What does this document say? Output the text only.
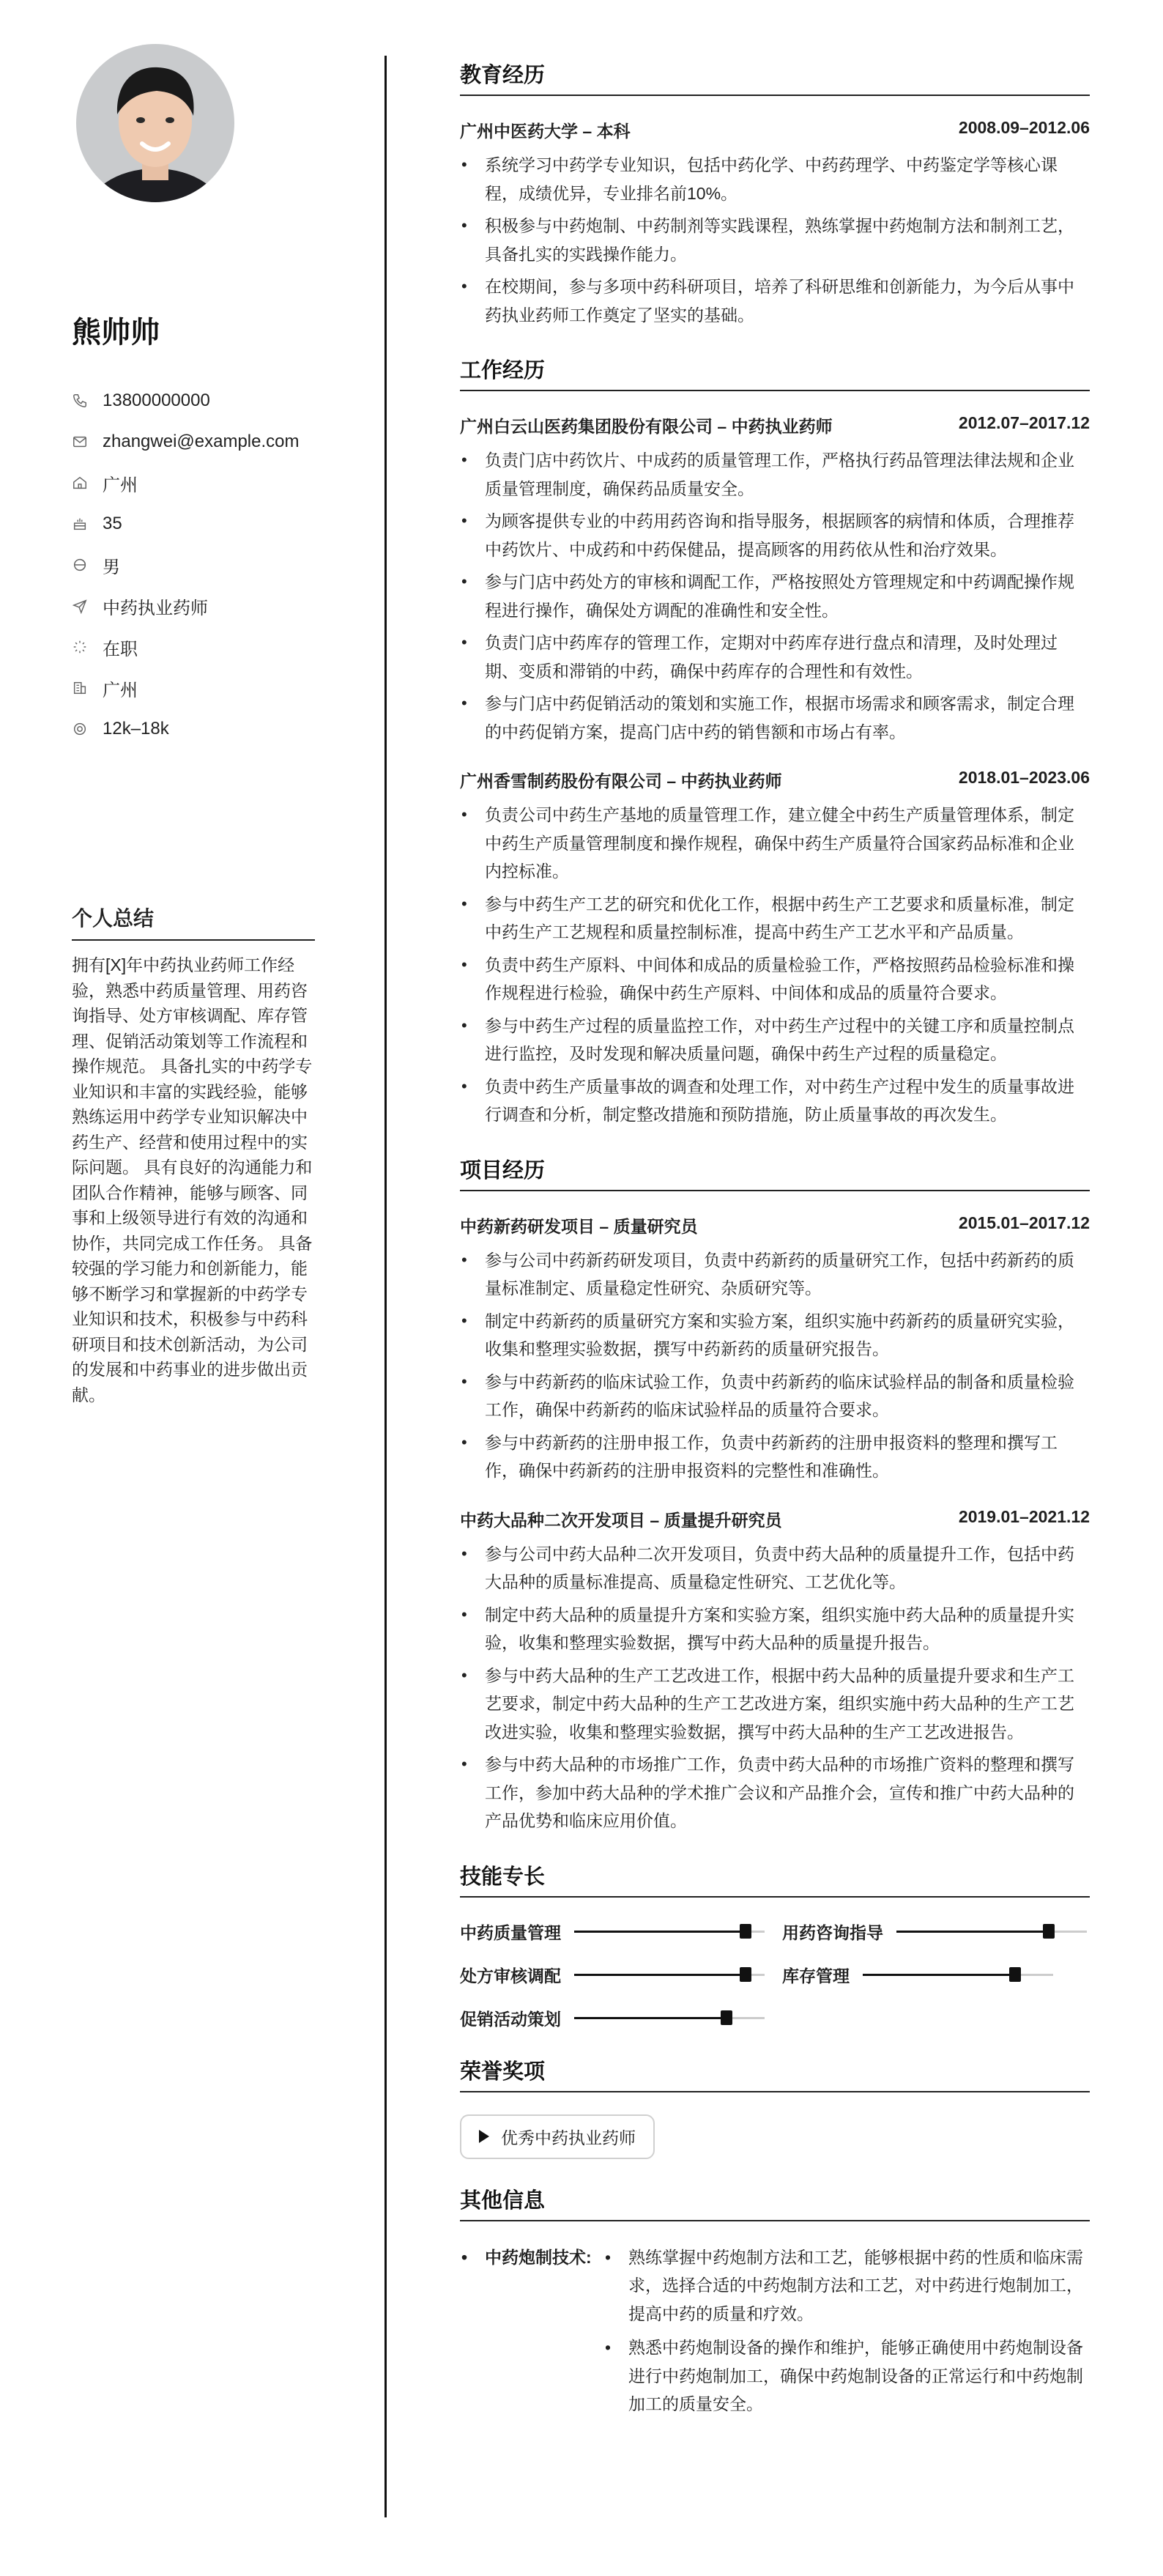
熊帅帅
13800000000
zhangwei@example.com
广州
35
男
中药执业药师
在职
广州
12k–18k
个人总结
拥有[X]年中药执业药师工作经验，熟悉中药质量管理、用药咨询指导、处方审核调配、库存管理、促销活动策划等工作流程和操作规范。 具备扎实的中药学专业知识和丰富的实践经验，能够熟练运用中药学专业知识解决中药生产、经营和使用过程中的实际问题。 具有良好的沟通能力和团队合作精神，能够与顾客、同事和上级领导进行有效的沟通和协作，共同完成工作任务。 具备较强的学习能力和创新能力，能够不断学习和掌握新的中药学专业知识和技术，积极参与中药科研项目和技术创新活动，为公司的发展和中药事业的进步做出贡献。
教育经历
广州中医药大学 – 本科	2008.09–2012.06
• 系统学习中药学专业知识，包括中药化学、中药药理学、中药鉴定学等核心课程，成绩优异，专业排名前10%。
• 积极参与中药炮制、中药制剂等实践课程，熟练掌握中药炮制方法和制剂工艺，具备扎实的实践操作能力。
• 在校期间，参与多项中药科研项目，培养了科研思维和创新能力，为今后从事中药执业药师工作奠定了坚实的基础。
工作经历
广州白云山医药集团股份有限公司 – 中药执业药师	2012.07–2017.12
• 负责门店中药饮片、中成药的质量管理工作，严格执行药品管理法律法规和企业质量管理制度，确保药品质量安全。
• 为顾客提供专业的中药用药咨询和指导服务，根据顾客的病情和体质，合理推荐中药饮片、中成药和中药保健品，提高顾客的用药依从性和治疗效果。
• 参与门店中药处方的审核和调配工作，严格按照处方管理规定和中药调配操作规程进行操作，确保处方调配的准确性和安全性。
• 负责门店中药库存的管理工作，定期对中药库存进行盘点和清理，及时处理过期、变质和滞销的中药，确保中药库存的合理性和有效性。
• 参与门店中药促销活动的策划和实施工作，根据市场需求和顾客需求，制定合理的中药促销方案，提高门店中药的销售额和市场占有率。
广州香雪制药股份有限公司 – 中药执业药师	2018.01–2023.06
• 负责公司中药生产基地的质量管理工作，建立健全中药生产质量管理体系，制定中药生产质量管理制度和操作规程，确保中药生产质量符合国家药品标准和企业内控标准。
• 参与中药生产工艺的研究和优化工作，根据中药生产工艺要求和质量标准，制定中药生产工艺规程和质量控制标准，提高中药生产工艺水平和产品质量。
• 负责中药生产原料、中间体和成品的质量检验工作，严格按照药品检验标准和操作规程进行检验，确保中药生产原料、中间体和成品的质量符合要求。
• 参与中药生产过程的质量监控工作，对中药生产过程中的关键工序和质量控制点进行监控，及时发现和解决质量问题，确保中药生产过程的质量稳定。
• 负责中药生产质量事故的调查和处理工作，对中药生产过程中发生的质量事故进行调查和分析，制定整改措施和预防措施，防止质量事故的再次发生。
项目经历
中药新药研发项目 – 质量研究员	2015.01–2017.12
• 参与公司中药新药研发项目，负责中药新药的质量研究工作，包括中药新药的质量标准制定、质量稳定性研究、杂质研究等。
• 制定中药新药的质量研究方案和实验方案，组织实施中药新药的质量研究实验，收集和整理实验数据，撰写中药新药的质量研究报告。
• 参与中药新药的临床试验工作，负责中药新药的临床试验样品的制备和质量检验工作，确保中药新药的临床试验样品的质量符合要求。
• 参与中药新药的注册申报工作，负责中药新药的注册申报资料的整理和撰写工作，确保中药新药的注册申报资料的完整性和准确性。
中药大品种二次开发项目 – 质量提升研究员	2019.01–2021.12
• 参与公司中药大品种二次开发项目，负责中药大品种的质量提升工作，包括中药大品种的质量标准提高、质量稳定性研究、工艺优化等。
• 制定中药大品种的质量提升方案和实验方案，组织实施中药大品种的质量提升实验，收集和整理实验数据，撰写中药大品种的质量提升报告。
• 参与中药大品种的生产工艺改进工作，根据中药大品种的质量提升要求和生产工艺要求，制定中药大品种的生产工艺改进方案，组织实施中药大品种的生产工艺改进实验，收集和整理实验数据，撰写中药大品种的生产工艺改进报告。
• 参与中药大品种的市场推广工作，负责中药大品种的市场推广资料的整理和撰写工作，参加中药大品种的学术推广会议和产品推介会，宣传和推广中药大品种的产品优势和临床应用价值。
技能专长
中药质量管理	用药咨询指导
处方审核调配	库存管理
促销活动策划
荣誉奖项
优秀中药执业药师
其他信息
• 中药炮制技术:
•	熟练掌握中药炮制方法和工艺，能够根据中药的性质和临床需求，选择合适的中药炮制方法和工艺，对中药进行炮制加工，提高中药的质量和疗效。
• 熟悉中药炮制设备的操作和维护，能够正确使用中药炮制设备进行中药炮制加工，确保中药炮制设备的正常运行和中药炮制加工的质量安全。
